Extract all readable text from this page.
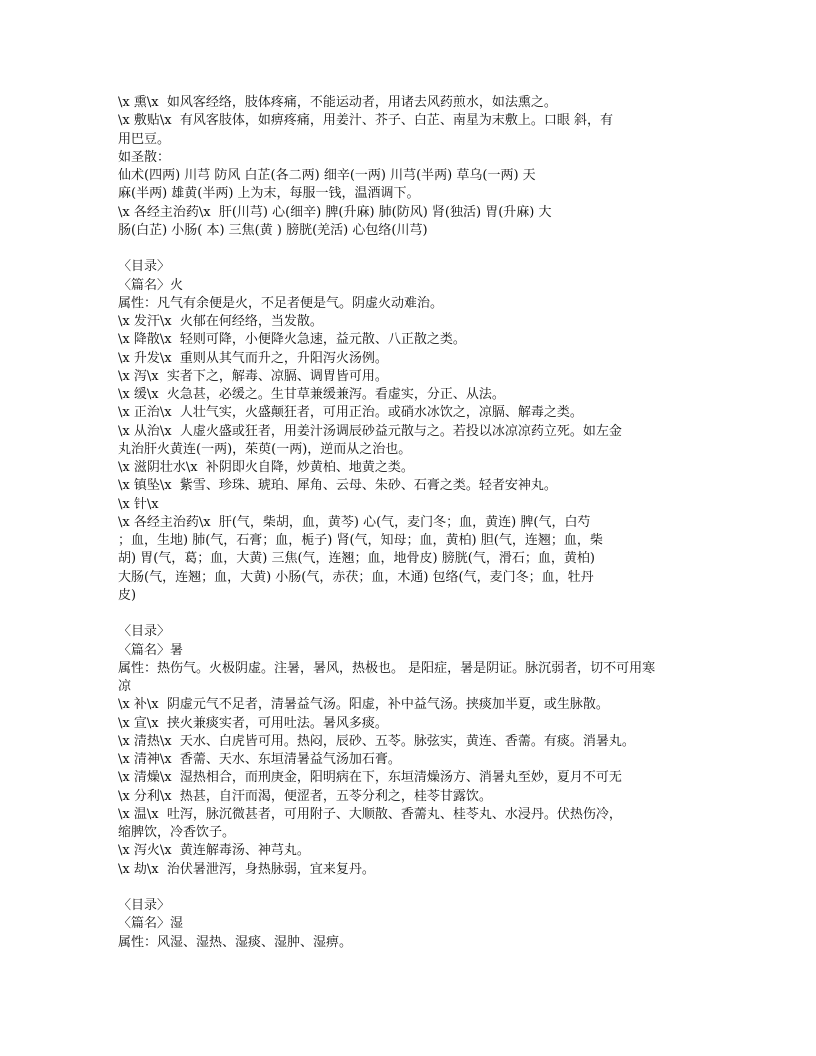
\x 熏\x  如风客经络，肢体疼痛，不能运动者，用诸去风药煎水，如法熏之。
\x 敷贴\x  有风客肢体，如痹疼痛，用姜汁、芥子、白芷、南星为末敷上。口眼 斜，有
用巴豆。
如圣散：
仙术(四两) 川芎 防风 白芷(各二两) 细辛(一两) 川芎(半两) 草乌(一两) 天
麻(半两) 雄黄(半两) 上为末，每服一钱，温酒调下。
\x 各经主治药\x  肝(川芎) 心(细辛) 脾(升麻) 肺(防风) 肾(独活) 胃(升麻) 大
肠(白芷) 小肠( 本) 三焦(黄 ) 膀胱(羌活) 心包络(川芎)
〈目录〉
〈篇名〉火
属性：凡气有余便是火，不足者便是气。阴虚火动难治。
\x 发汗\x  火郁在何经络，当发散。
\x 降散\x  轻则可降，小便降火急速，益元散、八正散之类。
\x 升发\x  重则从其气而升之，升阳泻火汤例。
\x 泻\x  实者下之，解毒、凉膈、调胃皆可用。
\x 缓\x  火急甚，必缓之。生甘草兼缓兼泻。看虚实，分正、从法。
\x 正治\x  人壮气实，火盛颠狂者，可用正治。或硝水冰饮之，凉膈、解毒之类。
\x 从治\x  人虚火盛或狂者，用姜汁汤调辰砂益元散与之。若投以冰凉凉药立死。如左金
丸治肝火黄连(一两)，茱萸(一两)，逆而从之治也。
\x 滋阴壮水\x  补阴即火自降，炒黄柏、地黄之类。
\x 镇坠\x  紫雪、珍珠、琥珀、犀角、云母、朱砂、石膏之类。轻者安神丸。
\x 针\x
\x 各经主治药\x  肝(气，柴胡，血，黄芩) 心(气，麦门冬；血，黄连) 脾(气，白芍
；血，生地) 肺(气，石膏；血，栀子) 肾(气，知母；血，黄柏) 胆(气，连翘；血，柴
胡) 胃(气，葛；血，大黄) 三焦(气，连翘；血，地骨皮) 膀胱(气，滑石；血，黄柏)
大肠(气，连翘；血，大黄) 小肠(气，赤茯；血，木通) 包络(气，麦门冬；血，牡丹
皮)
〈目录〉
〈篇名〉暑
属性：热伤气。火极阴虚。注暑，暑风，热极也。 是阳症，暑是阴证。脉沉弱者，切不可用寒
凉
\x 补\x  阴虚元气不足者，清暑益气汤。阳虚，补中益气汤。挟痰加半夏，或生脉散。
\x 宣\x  挟火兼痰实者，可用吐法。暑风多痰。
\x 清热\x  天水、白虎皆可用。热闷，辰砂、五苓。脉弦实，黄连、香薷。有痰。消暑丸。
\x 清神\x  香薷、天水、东垣清暑益气汤加石膏。
\x 清燥\x  湿热相合，而刑庚金，阳明病在下，东垣清燥汤方、消暑丸至妙，夏月不可无
\x 分利\x  热甚，自汗而渴，便涩者，五苓分利之，桂苓甘露饮。
\x 温\x  吐泻，脉沉微甚者，可用附子、大顺散、香薷丸、桂苓丸、水浸丹。伏热伤冷，
缩脾饮，冷香饮子。
\x 泻火\x  黄连解毒汤、神芎丸。
\x 劫\x  治伏暑泄泻，身热脉弱，宜来复丹。
〈目录〉
〈篇名〉湿
属性：风湿、湿热、湿痰、湿肿、湿痹。
